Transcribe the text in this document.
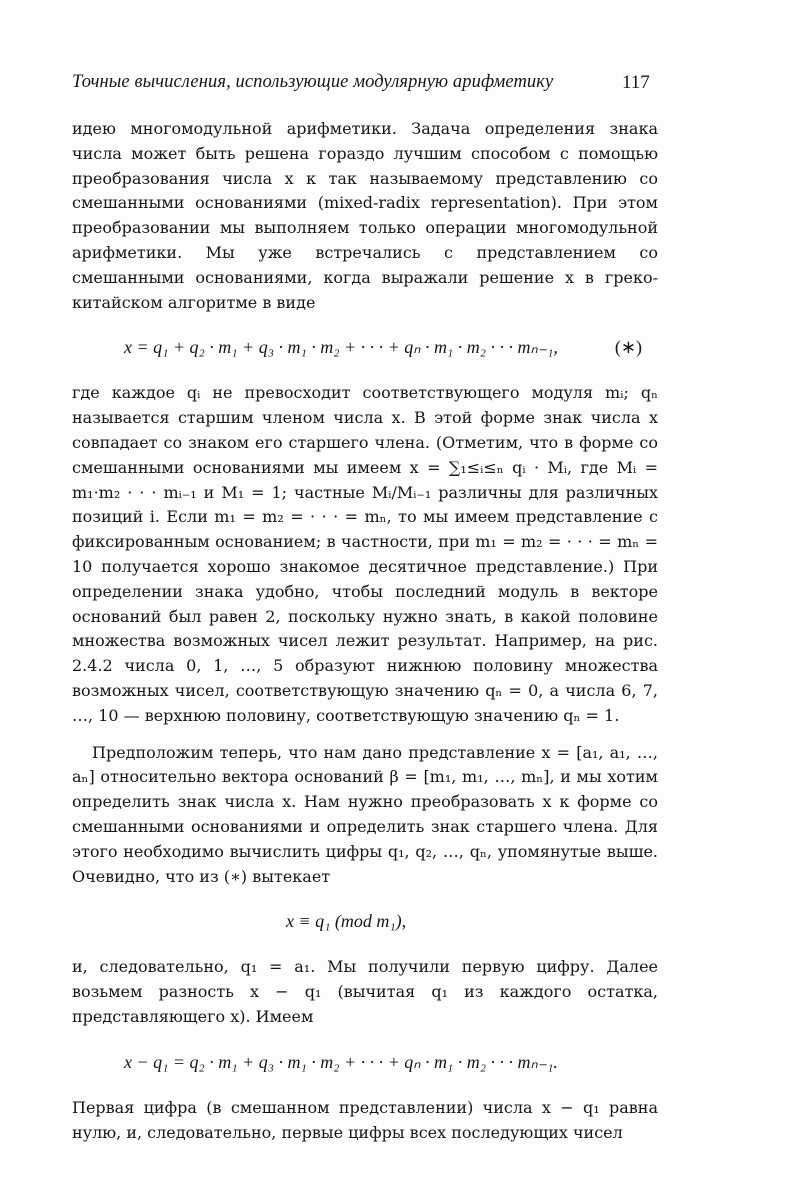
Точные вычисления, использующие модулярную арифметику	117

идею многомодульной арифметики. Задача определения знака числа может быть решена гораздо лучшим способом с помощью преобразования числа x к так называемому представлению со смешанными основаниями (mixed-radix representation). При этом преобразовании мы выполняем только операции многомодульной арифметики. Мы уже встречались с представлением со смешанными основаниями, когда выражали решение x в греко-китайском алгоритме в виде

x = q₁ + q₂ · m₁ + q₃ · m₁ · m₂ + · · · + qₙ · m₁ · m₂ · · · mₙ₋₁,	(∗)

где каждое qᵢ не превосходит соответствующего модуля mᵢ; qₙ называется старшим членом числа x. В этой форме знак числа x совпадает со знаком его старшего члена. (Отметим, что в форме со смешанными основаниями мы имеем x = ∑₁≤ᵢ≤ₙ qᵢ · Mᵢ, где Mᵢ = m₁·m₂ · · · mᵢ₋₁ и M₁ = 1; частные Mᵢ/Mᵢ₋₁ различны для различных позиций i. Если m₁ = m₂ = · · · = mₙ, то мы имеем представление с фиксированным основанием; в частности, при m₁ = m₂ = · · · = mₙ = 10 получается хорошо знакомое десятичное представление.) При определении знака удобно, чтобы последний модуль в векторе оснований был равен 2, поскольку нужно знать, в какой половине множества возможных чисел лежит результат. Например, на рис. 2.4.2 числа 0, 1, …, 5 образуют нижнюю половину множества возможных чисел, соответствующую значению qₙ = 0, а числа 6, 7, …, 10 — верхнюю половину, соответствующую значению qₙ = 1.

Предположим теперь, что нам дано представление x = [a₁, a₁, …, aₙ] относительно вектора оснований β = [m₁, m₁, …, mₙ], и мы хотим определить знак числа x. Нам нужно преобразовать x к форме со смешанными основаниями и определить знак старшего члена. Для этого необходимо вычислить цифры q₁, q₂, …, qₙ, упомянутые выше. Очевидно, что из (∗) вытекает

x ≡ q₁ (mod m₁),

и, следовательно, q₁ = a₁. Мы получили первую цифру. Далее возьмем разность x − q₁ (вычитая q₁ из каждого остатка, представляющего x). Имеем

x − q₁ = q₂ · m₁ + q₃ · m₁ · m₂ + · · · + qₙ · m₁ · m₂ · · · mₙ₋₁.

Первая цифра (в смешанном представлении) числа x − q₁ равна нулю, и, следовательно, первые цифры всех последующих чисел
